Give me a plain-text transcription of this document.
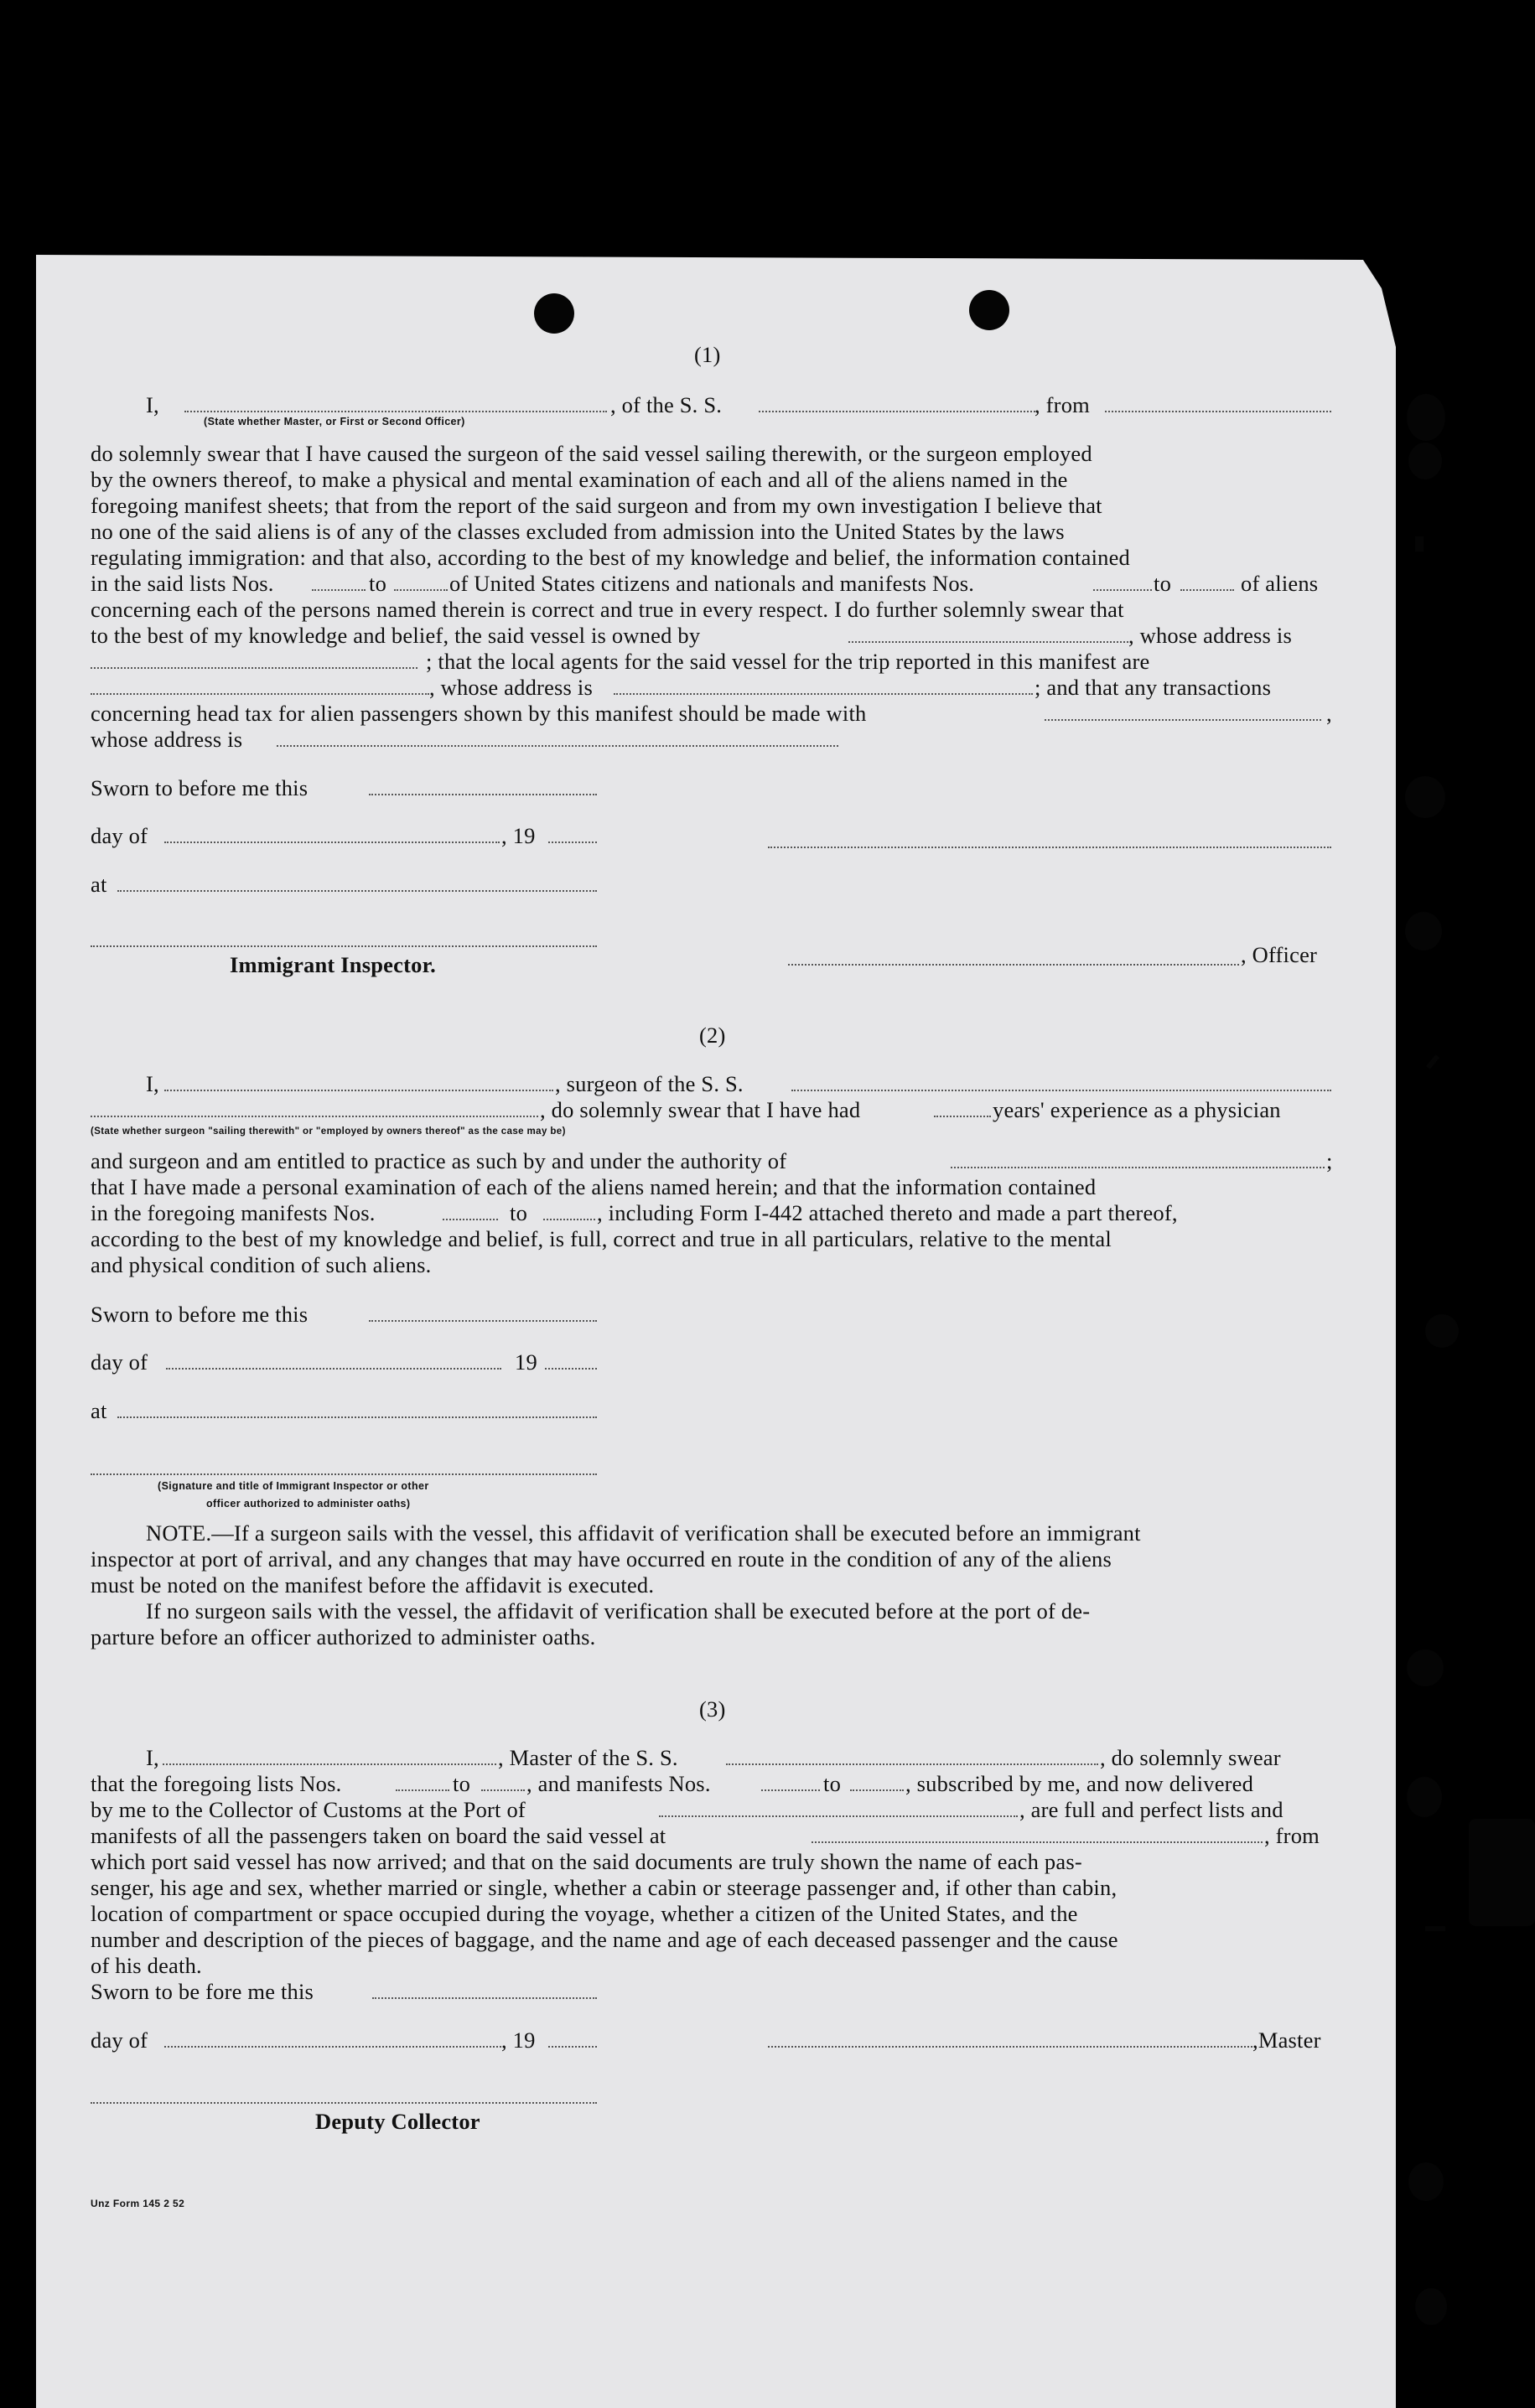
(1)
I,
(State whether Master, or First or Second Officer)
, of the S. S.	, from
do solemnly swear that I have caused the surgeon of the said vessel sailing therewith, or the surgeon employed
by the owners thereof, to make a physical and mental examination of each and all of the aliens named in the
foregoing manifest sheets; that from the report of the said surgeon and from my own investigation I believe that
no one of the said aliens is of any of the classes excluded from admission into the United States by the laws
regulating immigration: and that also, according to the best of my knowledge and belief, the information contained
in the said lists Nos.	to	of United States citizens and nationals and manifests Nos.	to	of aliens
concerning each of the persons named therein is correct and true in every respect. I do further solemnly swear that
to the best of my knowledge and belief, the said vessel is owned by	, whose address is
; that the local agents for the said vessel for the trip reported in this manifest are
, whose address is	; and that any transactions
concerning head tax for alien passengers shown by this manifest should be made with	,
whose address is
Sworn to before me this
day of	, 19
at
Immigrant Inspector.	, Officer
(2)
I,	, surgeon of the S. S.
(State whether surgeon "sailing therewith" or "employed by owners thereof" as the case may be)
, do solemnly swear that I have had	years' experience as a physician
and surgeon and am entitled to practice as such by and under the authority of	;
that I have made a personal examination of each of the aliens named herein; and that the information contained
in the foregoing manifests Nos.	to	, including Form I-442 attached thereto and made a part thereof,
according to the best of my knowledge and belief, is full, correct and true in all particulars, relative to the mental
and physical condition of such aliens.
Sworn to before me this
day of	19
at
(Signature and title of Immigrant Inspector or other
officer authorized to administer oaths)
NOTE.—If a surgeon sails with the vessel, this affidavit of verification shall be executed before an immigrant
inspector at port of arrival, and any changes that may have occurred en route in the condition of any of the aliens
must be noted on the manifest before the affidavit is executed.
If no surgeon sails with the vessel, the affidavit of verification shall be executed before at the port of de-
parture before an officer authorized to administer oaths.
(3)
I,	, Master of the S. S.	, do solemnly swear
that the foregoing lists Nos.	to	, and manifests Nos.	to	, subscribed by me, and now delivered
by me to the Collector of Customs at the Port of	, are full and perfect lists and
manifests of all the passengers taken on board the said vessel at	, from
which port said vessel has now arrived; and that on the said documents are truly shown the name of each pas-
senger, his age and sex, whether married or single, whether a cabin or steerage passenger and, if other than cabin,
location of compartment or space occupied during the voyage, whether a citizen of the United States, and the
number and description of the pieces of baggage, and the name and age of each deceased passenger and the cause
of his death.
Sworn to be fore me this
day of	, 19	,Master
Deputy Collector
Unz Form 145 2 52
